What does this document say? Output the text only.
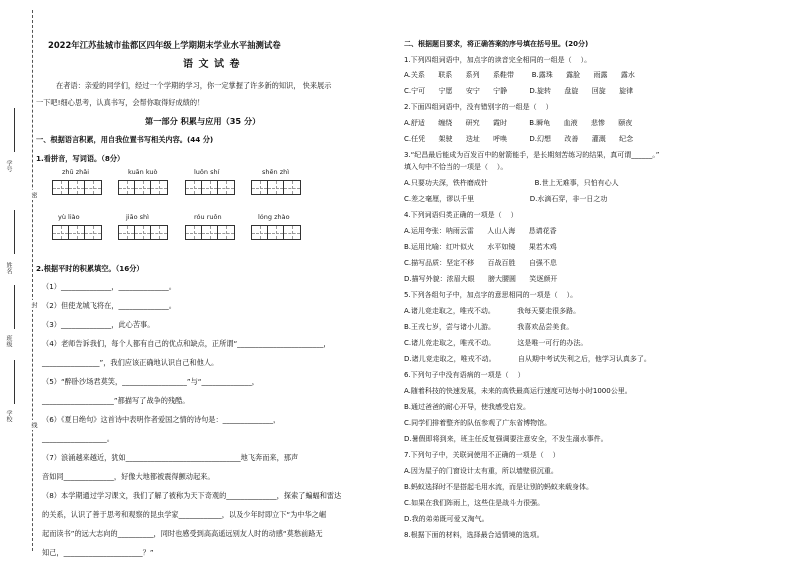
学号
姓名
班级
学校
密
封
线
2022年江苏盐城市盐都区四年级上学期期末学业水平抽测试卷
语 文 试 卷
在者语：亲爱的同学们，经过一个学期的学习，你一定掌握了许多新的知识， 快来展示
一下吧!细心思考，认真书写，会帮你取得好成绩的！
第一部分 积累与应用（35 分）
一、根据语言积累，用自我位置书写相关内容。(44 分)
1.看拼音，写词语。（8分）
zhū zhǎi	kuān kuò	luǒn shí	shēn zhì
yù liào	jiāo shì	róu ruǒn	lóng zhào
2.根据平时的积累填空。（16分）
（1）______________，______________。
（2）但使龙城飞将在，______________。
（3）______________，此心苦事。
（4）老师告诉我们，每个人都有自己的优点和缺点，正所谓“________________________，
________________”，我们应该正确地认识自己和他人。
（5）“醉卧沙场君莫笑，__________________”与“______________，
____________________”都描写了战争的残酷。
（6）《夏日绝句》这首诗中表明作者爱国之情的诗句是：______________，
__________________。
（7）浪涌越来越近，犹如________________________________地飞奔而来，那声
音如同______________，好像大地都被震得颤动起来。
（8）本学期通过学习课文，我们了解了被称为天下奇观的______________，探索了蝙蝠和雷达
的关系，认识了善于思考和观察的昆虫学家____________，以及少年时即立下“为中华之崛
起而读书”的远大志向的__________，同时也感受到高高遥远别友人时的动感“莫愁前路无
知己，______________________？”
二、根据题目要求，将正确答案的序号填在括号里。(20分)
1.下列四组词语中，加点字的读音完全相同的一组是（    ）。
A.关系      联系      系列      系鞋带        B.露珠      露脸      雨露      露水
C.宁可      宁愿      安宁      宁静          D.旋转      盘旋      回旋      旋律
2.下面四组词语中，没有错别字的一组是（    ）
A.舒适      缠绕      研究      霞时          B.瞬龟      血液      悲惨      颐夜
C.任凭      架驶      迭址      呼唤          D.幻想      改善      灌溉      纪念
3.“纪昌最后能成为百发百中的射箭能手，是长期刻苦练习的结果，真可谓______。”
填入句中不恰当的一项是（    ）。
A.只要功夫深，铁杵磨成针                     B.世上无难事，只怕有心人
C.差之毫厘，谬以千里                         D.水滴石穿，非一日之功
4.下列词语归类正确的一项是（    ）
A.运用夸张：呐雨云雷      人山人海      恳请花香
B.运用比喻：红叶似火      水平如镜      果若木鸡
C.描写品质：坚定不移      百战百胜      自强不息
D.描写外貌：浓眉大眼      膀大腰圆      笑逐颜开
5.下列各组句子中，加点字的意思相同的一项是（    ）。
A.诸儿竞走取之，唯戎不动。          我每天要走很多路。
B.王戎七岁，尝与诸小儿游。          我喜欢品尝美食。
C.诸儿竞走取之，唯戎不动。          这是唯一可行的办法。
D.诸儿竞走取之，唯戎不动。          自从期中考试失利之后，他学习认真多了。
6.下列句子中没有语病的一项是（    ）
A.随着科技的快速发展，未来的高铁最高运行速度可达每小时1000公里。
B.通过爸爸的耐心开导，使我感受启发。
C.同学们排着整齐的队伍参观了广东省博物馆。
D.暑假即将到来，班主任反复强调要注意安全，不发生溺水事件。
7.下列句子中，关联词使用不正确的一项是（    ）
A.因为屋子的门窗设计太有重，所以墙壁很沉重。
B.蚂蚁选择时不是搭起毛用水流，而是让别的蚂蚁来载身体。
C.如果在我们阵雨上，这些住是战斗力很强。
D.我的弟弟既可爱又淘气。
8.根据下面的材料，选择最合适情境的选项。
